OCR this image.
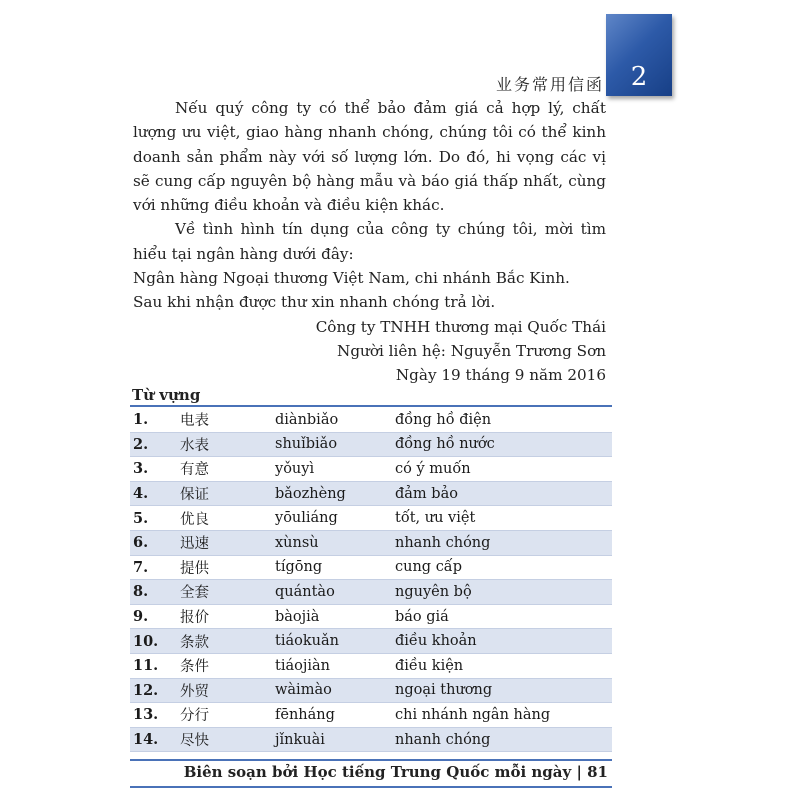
2
业务常用信函

Nếu quý công ty có thể bảo đảm giá cả hợp lý, chất lượng ưu việt, giao hàng nhanh chóng, chúng tôi có thể kinh doanh sản phẩm này với số lượng lớn. Do đó, hi vọng các vị sẽ cung cấp nguyên bộ hàng mẫu và báo giá thấp nhất, cùng với những điều khoản và điều kiện khác.

Về tình hình tín dụng của công ty chúng tôi, mời tìm hiểu tại ngân hàng dưới đây:

Ngân hàng Ngoại thương Việt Nam, chi nhánh Bắc Kinh.

Sau khi nhận được thư xin nhanh chóng trả lời.

Công ty TNHH thương mại Quốc Thái

Người liên hệ: Nguyễn Trương Sơn

Ngày 19 tháng 9 năm 2016

Từ vựng
1.	电表	diànbiǎo	đồng hồ điện
2.	水表	shuǐbiǎo	đồng hồ nước
3.	有意	yǒuyì	có ý muốn
4.	保证	bǎozhèng	đảm bảo
5.	优良	yōuliáng	tốt, ưu việt
6.	迅速	xùnsù	nhanh chóng
7.	提供	tígōng	cung cấp
8.	全套	quántào	nguyên bộ
9.	报价	bàojià	báo giá
10.	条款	tiáokuǎn	điều khoản
11.	条件	tiáojiàn	điều kiện
12.	外贸	wàimào	ngoại thương
13.	分行	fēnháng	chi nhánh ngân hàng
14.	尽快	jǐnkuài	nhanh chóng
Biên soạn bởi Học tiếng Trung Quốc mỗi ngày | 81
